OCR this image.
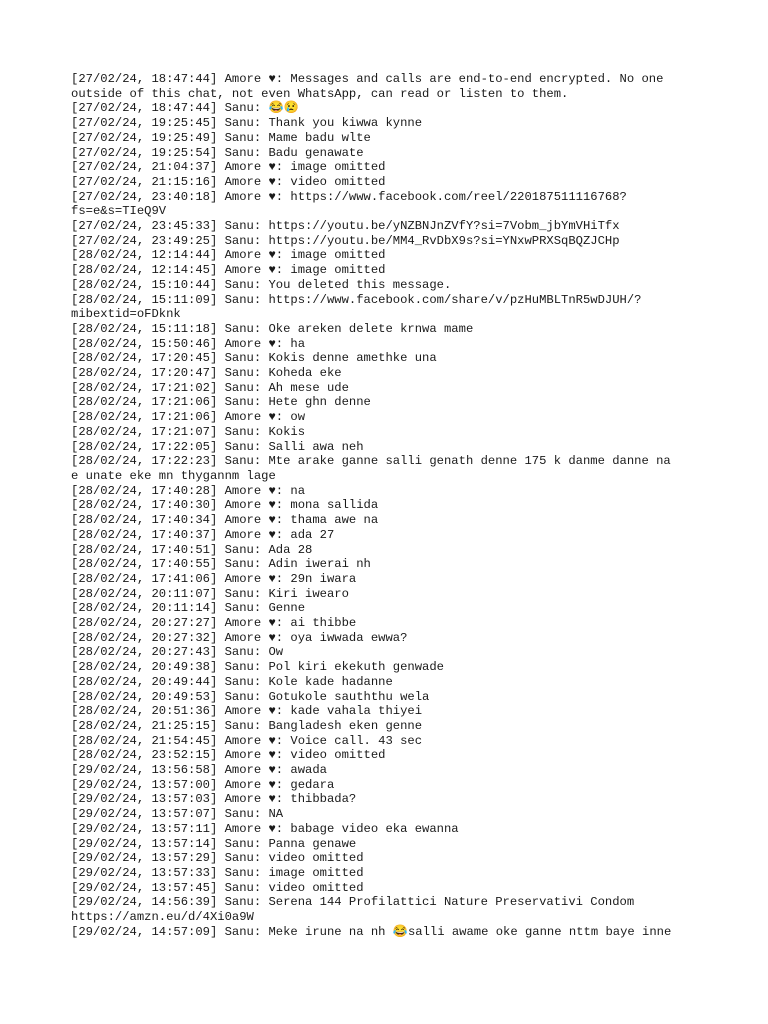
[27/02/24, 18:47:44] Amore ♥: Messages and calls are end-to-end encrypted. No one
outside of this chat, not even WhatsApp, can read or listen to them.
[27/02/24, 18:47:44] Sanu: 😂😢
[27/02/24, 19:25:45] Sanu: Thank you kiwwa kynne
[27/02/24, 19:25:49] Sanu: Mame badu wlte
[27/02/24, 19:25:54] Sanu: Badu genawate
[27/02/24, 21:04:37] Amore ♥: image omitted
[27/02/24, 21:15:16] Amore ♥: video omitted
[27/02/24, 23:40:18] Amore ♥: https://www.facebook.com/reel/220187511116768?
fs=e&s=TIeQ9V
[27/02/24, 23:45:33] Sanu: https://youtu.be/yNZBNJnZVfY?si=7Vobm_jbYmVHiTfx
[27/02/24, 23:49:25] Sanu: https://youtu.be/MM4_RvDbX9s?si=YNxwPRXSqBQZJCHp
[28/02/24, 12:14:44] Amore ♥: image omitted
[28/02/24, 12:14:45] Amore ♥: image omitted
[28/02/24, 15:10:44] Sanu: You deleted this message.
[28/02/24, 15:11:09] Sanu: https://www.facebook.com/share/v/pzHuMBLTnR5wDJUH/?
mibextid=oFDknk
[28/02/24, 15:11:18] Sanu: Oke areken delete krnwa mame
[28/02/24, 15:50:46] Amore ♥: ha
[28/02/24, 17:20:45] Sanu: Kokis denne amethke una
[28/02/24, 17:20:47] Sanu: Koheda eke
[28/02/24, 17:21:02] Sanu: Ah mese ude
[28/02/24, 17:21:06] Sanu: Hete ghn denne
[28/02/24, 17:21:06] Amore ♥: ow
[28/02/24, 17:21:07] Sanu: Kokis
[28/02/24, 17:22:05] Sanu: Salli awa neh
[28/02/24, 17:22:23] Sanu: Mte arake ganne salli genath denne 175 k danme danne na
e unate eke mn thygannm lage
[28/02/24, 17:40:28] Amore ♥: na
[28/02/24, 17:40:30] Amore ♥: mona sallida
[28/02/24, 17:40:34] Amore ♥: thama awe na
[28/02/24, 17:40:37] Amore ♥: ada 27
[28/02/24, 17:40:51] Sanu: Ada 28
[28/02/24, 17:40:55] Sanu: Adin iwerai nh
[28/02/24, 17:41:06] Amore ♥: 29n iwara
[28/02/24, 20:11:07] Sanu: Kiri iwearo
[28/02/24, 20:11:14] Sanu: Genne
[28/02/24, 20:27:27] Amore ♥: ai thibbe
[28/02/24, 20:27:32] Amore ♥: oya iwwada ewwa?
[28/02/24, 20:27:43] Sanu: Ow
[28/02/24, 20:49:38] Sanu: Pol kiri ekekuth genwade
[28/02/24, 20:49:44] Sanu: Kole kade hadanne
[28/02/24, 20:49:53] Sanu: Gotukole sauththu wela
[28/02/24, 20:51:36] Amore ♥: kade vahala thiyei
[28/02/24, 21:25:15] Sanu: Bangladesh eken genne
[28/02/24, 21:54:45] Amore ♥: Voice call. 43 sec
[28/02/24, 23:52:15] Amore ♥: video omitted
[29/02/24, 13:56:58] Amore ♥: awada
[29/02/24, 13:57:00] Amore ♥: gedara
[29/02/24, 13:57:03] Amore ♥: thibbada?
[29/02/24, 13:57:07] Sanu: NA
[29/02/24, 13:57:11] Amore ♥: babage video eka ewanna
[29/02/24, 13:57:14] Sanu: Panna genawe
[29/02/24, 13:57:29] Sanu: video omitted
[29/02/24, 13:57:33] Sanu: image omitted
[29/02/24, 13:57:45] Sanu: video omitted
[29/02/24, 14:56:39] Sanu: Serena 144 Profilattici Nature Preservativi Condom
https://amzn.eu/d/4Xi0a9W
[29/02/24, 14:57:09] Sanu: Meke irune na nh 😂salli awame oke ganne nttm baye inne
